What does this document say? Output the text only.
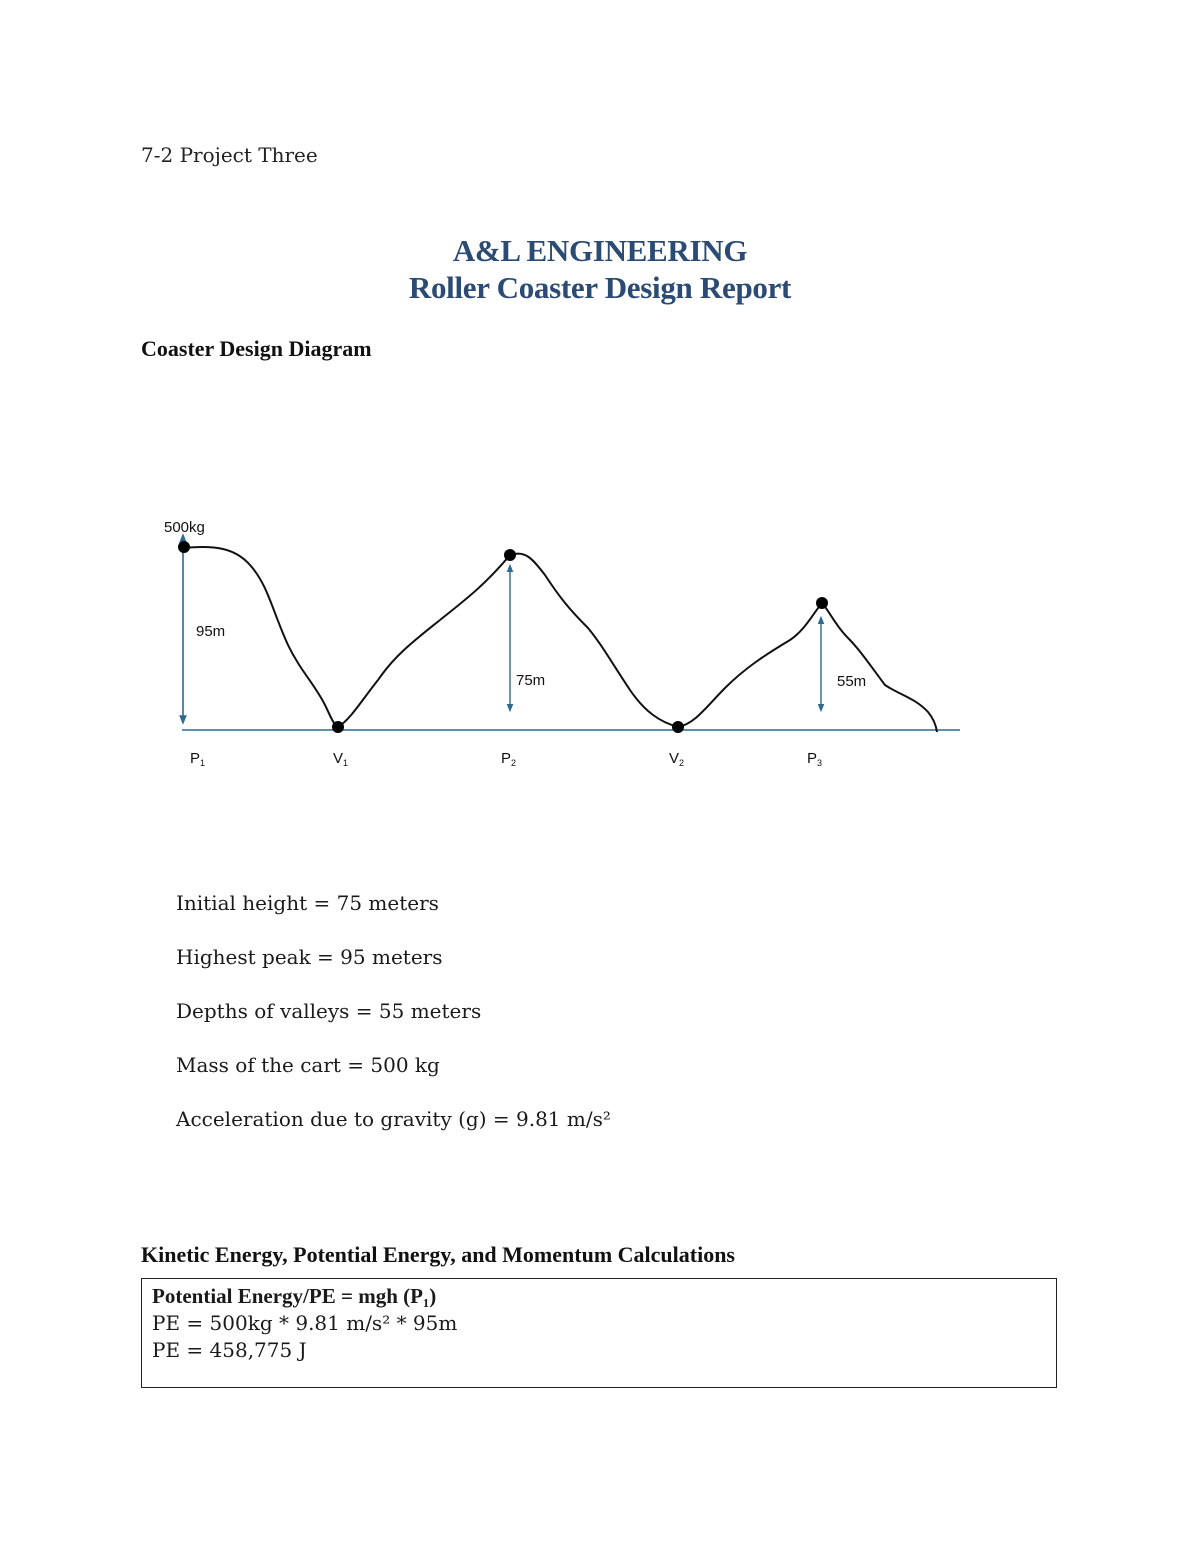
7-2 Project Three
A&L ENGINEERING
Roller Coaster Design Report
Coaster Design Diagram
500kg
95m
75m	55m
$P_1$	$V_1$	$P_2$	$V_2$	$P_3$
Initial height = 75 meters
Highest peak = 95 meters
Depths of valleys = 55 meters
Mass of the cart = 500 kg
Acceleration due to gravity (g) = 9.81 m/s²
Kinetic Energy, Potential Energy, and Momentum Calculations
Potential Energy/PE = mgh (P₁)
PE = 500kg * 9.81 m/s² * 95m
PE = 458,775 J
